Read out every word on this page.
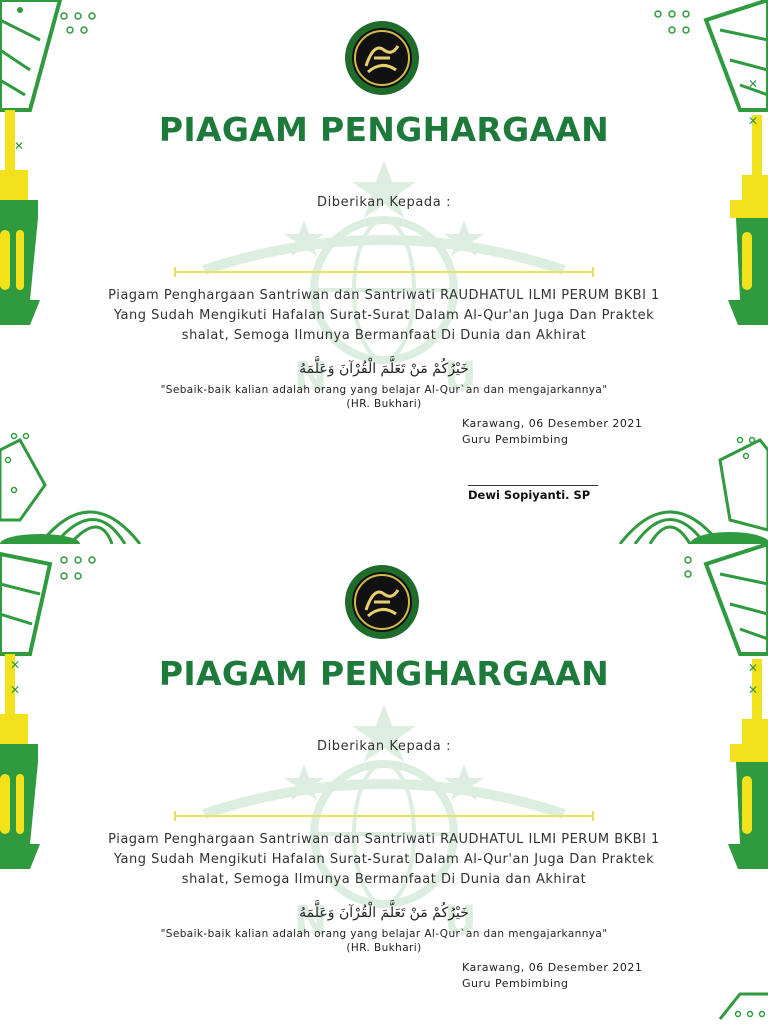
✕
✕
✕
N	U
PIAGAM PENGHARGAAN
Diberikan Kepada :
Piagam Penghargaan Santriwan dan Santriwati RAUDHATUL ILMI PERUM BKBI 1
Yang Sudah Mengikuti Hafalan Surat-Surat Dalam Al-Qur'an Juga Dan Praktek
shalat, Semoga Ilmunya Bermanfaat Di Dunia dan Akhirat
خَيْرُكُمْ مَنْ تَعَلَّمَ الْقُرْآنَ وَعَلَّمَهُ
"Sebaik-baik kalian adalah orang yang belajar Al-Qur`an dan mengajarkannya"
(HR. Bukhari)
Karawang, 06 Desember 2021
Guru Pembimbing
Dewi Sopiyanti. SP
✕
✕
✕
✕
N	U
PIAGAM PENGHARGAAN
Diberikan Kepada :
Piagam Penghargaan Santriwan dan Santriwati RAUDHATUL ILMI PERUM BKBI 1
Yang Sudah Mengikuti Hafalan Surat-Surat Dalam Al-Qur'an Juga Dan Praktek
shalat, Semoga Ilmunya Bermanfaat Di Dunia dan Akhirat
خَيْرُكُمْ مَنْ تَعَلَّمَ الْقُرْآنَ وَعَلَّمَهُ
"Sebaik-baik kalian adalah orang yang belajar Al-Qur`an dan mengajarkannya"
(HR. Bukhari)
Karawang, 06 Desember 2021
Guru Pembimbing
